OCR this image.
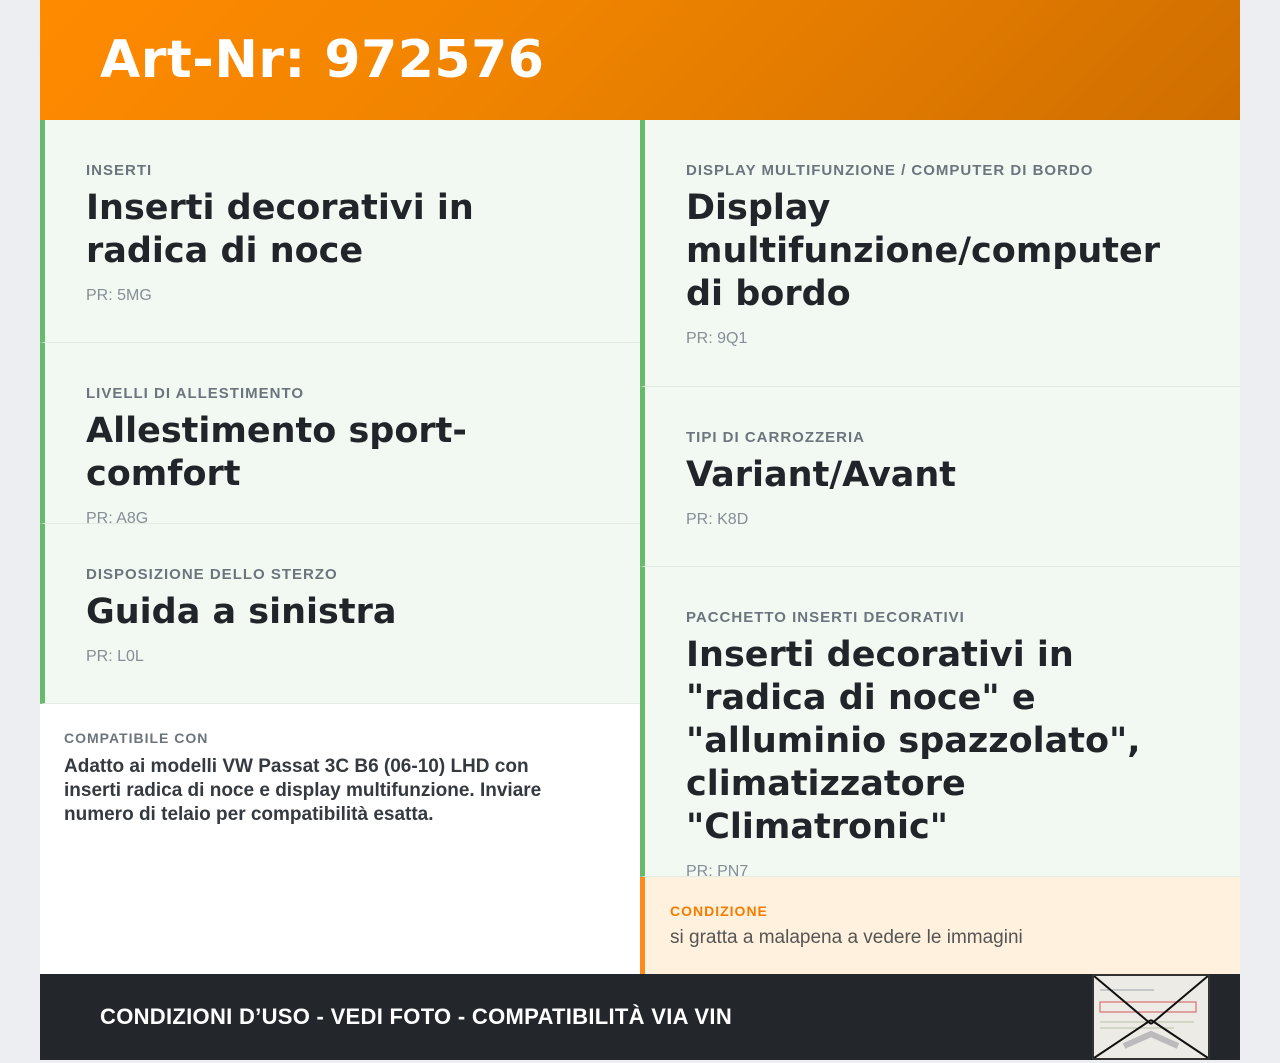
Art-Nr: 972576
INSERTI
Inserti decorativi in radica di noce
PR: 5MG
LIVELLI DI ALLESTIMENTO
Allestimento sport-comfort
PR: A8G
DISPOSIZIONE DELLO STERZO
Guida a sinistra
PR: L0L
COMPATIBILE CON
Adatto ai modelli VW Passat 3C B6 (06-10) LHD con inserti radica di noce e display multifunzione. Inviare numero di telaio per compatibilità esatta.
DISPLAY MULTIFUNZIONE / COMPUTER DI BORDO
Display multifunzione/computer di bordo
PR: 9Q1
TIPI DI CARROZZERIA
Variant/Avant
PR: K8D
PACCHETTO INSERTI DECORATIVI
Inserti decorativi in "radica di noce" e "alluminio spazzolato", climatizzatore "Climatronic"
PR: PN7
CONDIZIONE
si gratta a malapena a vedere le immagini
CONDIZIONI D’USO - VEDI FOTO - COMPATIBILITÀ VIA VIN
